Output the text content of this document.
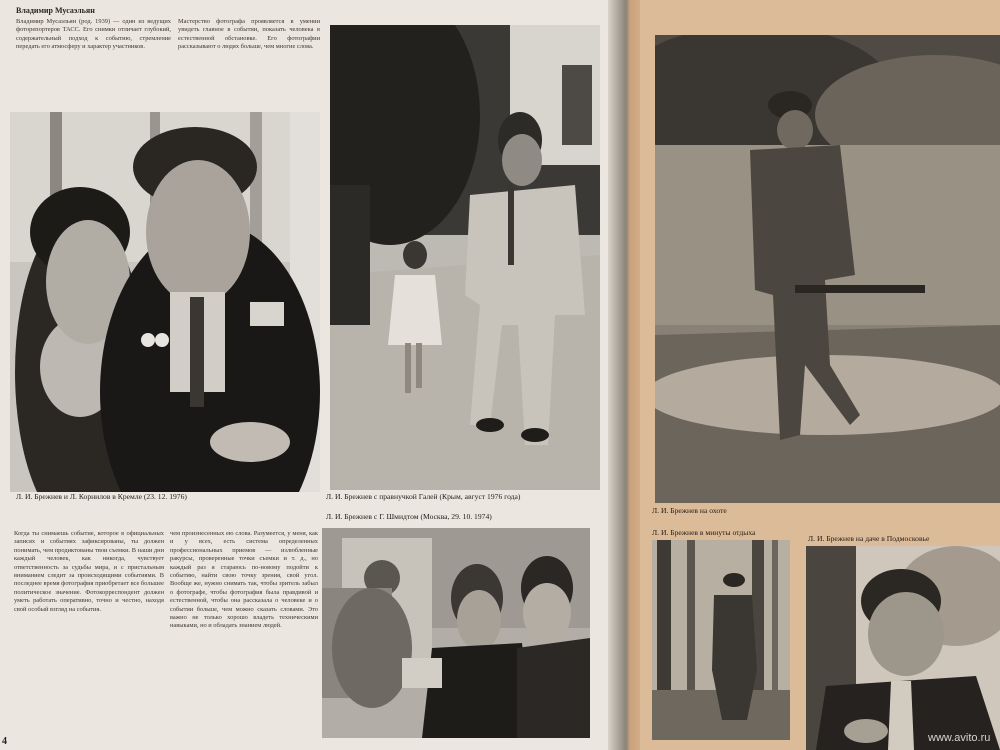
Владимир Мусаэльян
Владимир Мусаэльян (род. 1939) — один из ведущих фоторепортеров ТАСС. Его снимки отличает глубокий, содержательный подход к событию, стремление передать его атмосферу и характер участников.
Мастерство фотографа проявляется в умении увидеть главное в событии, показать человека в естественной обстановке. Его фотографии рассказывают о людях больше, чем многие слова.
Л. И. Брежнев и Л. Корнилов в Кремле (23. 12. 1976)	Л. И. Брежнев с правнучкой Галей (Крым, август 1976 года)
Л. И. Брежнев с Г. Шмидтом (Москва, 29. 10. 1974)
Когда ты снимаешь событие, которое в официальных записях и событиях зафиксированы, ты должен понимать, чем продиктованы твои съемки. В наши дни каждый человек, как никогда, чувствует ответственность за судьбы мира, и с пристальным вниманием следит за происходящими событиями. В последнее время фотография приобретает все большее политическое значение. Фотокорреспондент должен уметь работать оперативно, точно и честно, находя свой особый взгляд на события.
чем произнесенных ею слова. Разумеется, у меня, как и у всех, есть система определенных профессиональных приемов — излюбленные ракурсы, проверенные точки съемки и т. д., но каждый раз я стараюсь по-новому подойти к событию, найти свою точку зрения, свой угол. Вообще же, нужно снимать так, чтобы зритель забыл о фотографе, чтобы фотография была правдивой и естественной, чтобы она рассказала о человеке и о событии больше, чем можно сказать словами. Это важно не только хорошо владеть техническими навыками, но и обладать знанием людей.
Л. И. Брежнев на охоте
Л. И. Брежнев в минуты отдыха
Л. И. Брежнев на даче в Подмосковье
4	www.avito.ru
